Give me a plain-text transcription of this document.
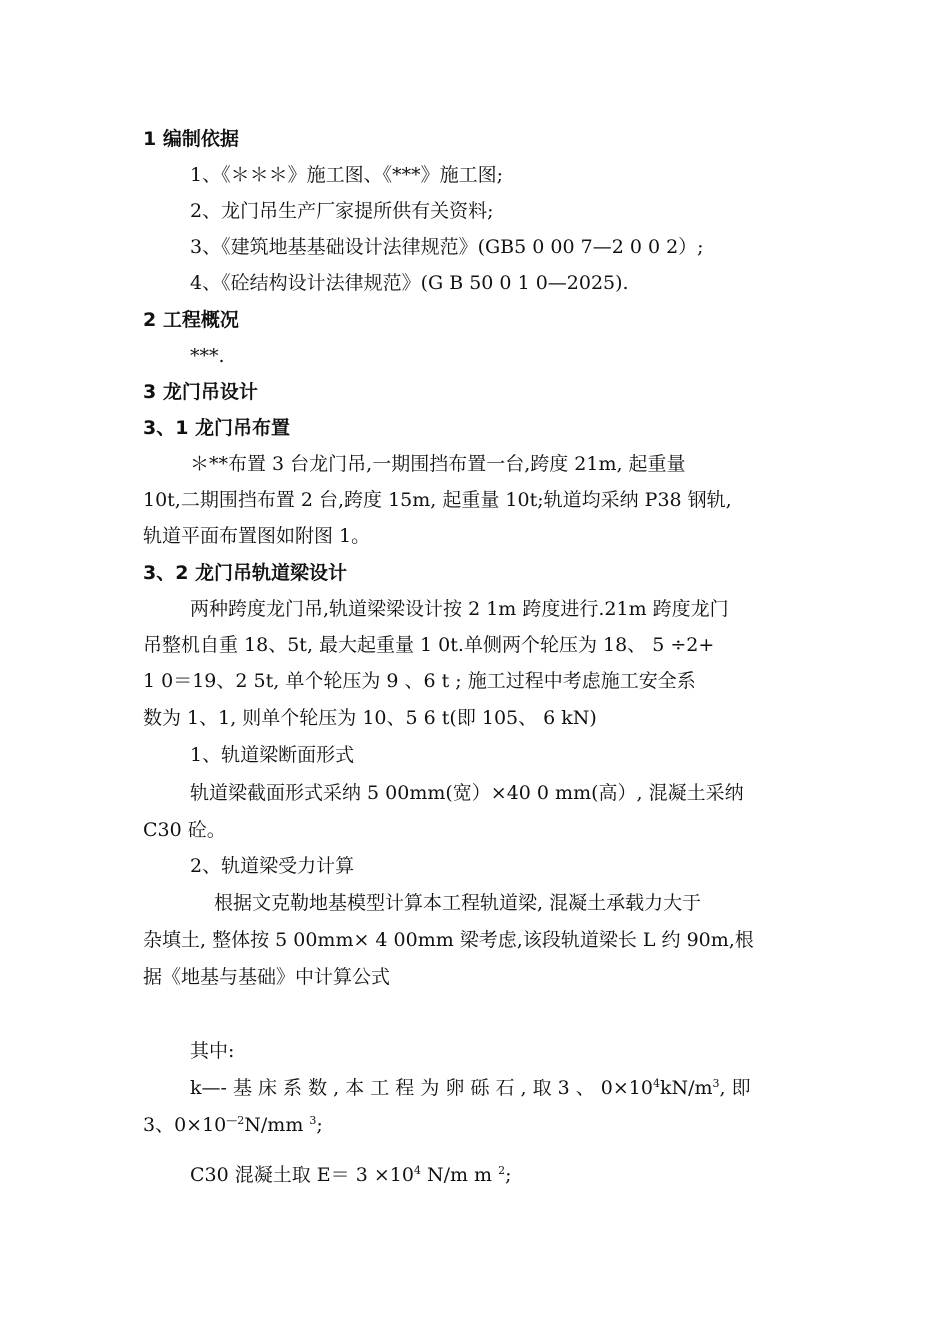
1 编制依据
1、《＊＊＊》施工图、《***》施工图;
2、龙门吊生产厂家提所供有关资料;
3、《建筑地基基础设计法律规范》(GB5 0 00 7—2 0 0 2）;
4、《砼结构设计法律规范》(G B 50 0 1 0—2025).
2 工程概况
***.
3 龙门吊设计
3、1 龙门吊布置
＊**布置 3 台龙门吊,一期围挡布置一台,跨度 21m, 起重量
10t,二期围挡布置 2 台,跨度 15m, 起重量 10t;轨道均采纳 P38 钢轨,
轨道平面布置图如附图 1。
3、2 龙门吊轨道梁设计
两种跨度龙门吊,轨道梁梁设计按 2 1m 跨度进行.21m 跨度龙门
吊整机自重 18、5t, 最大起重量 1 0t.单侧两个轮压为 18、 5 ÷2+
1 0＝19、2 5t, 单个轮压为 9 、6 t ; 施工过程中考虑施工安全系
数为 1、1, 则单个轮压为 10、5 6 t(即 105、 6 kN)
1、轨道梁断面形式
轨道梁截面形式采纳 5 00mm(宽）×40 0 mm(高）, 混凝土采纳
C30 砼。
2、轨道梁受力计算
根据文克勒地基模型计算本工程轨道梁, 混凝土承载力大于
杂填土, 整体按 5 00mm× 4 00mm 梁考虑,该段轨道梁长 L 约 90m,根
据《地基与基础》中计算公式
其中:
k—- 基 床 系 数 , 本 工 程 为 卵 砾 石 , 取 3 、 $0\times 10^4kN/m^3$, 即
3、$0\times 10^{—2}N/mm$ $^3$;
C30 混凝土取 $E= 3 \times 10^4$ N/m m $^2$;
